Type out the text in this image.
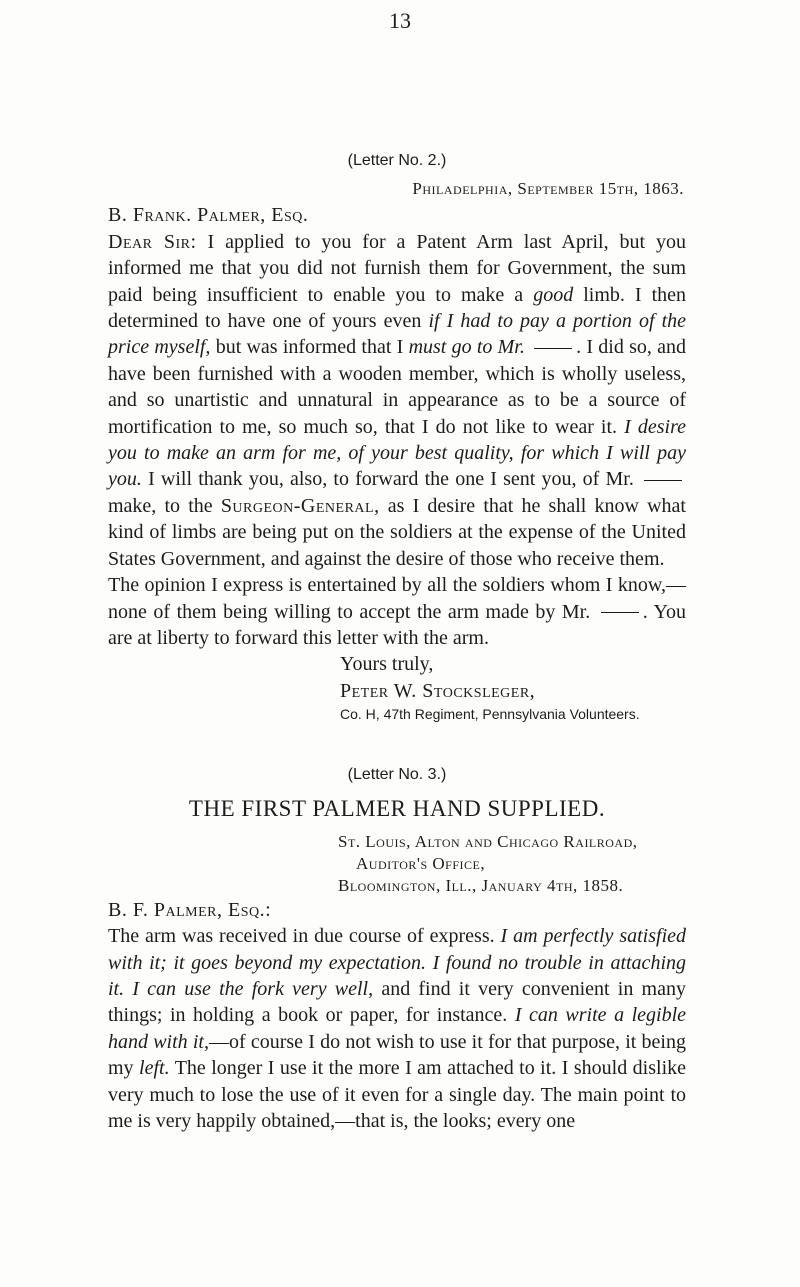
13
(Letter No. 2.)
Philadelphia, September 15th, 1863.
B. Frank. Palmer, Esq.

Dear Sir: I applied to you for a Patent Arm last April, but you informed me that you did not furnish them for Government, the sum paid being insufficient to enable you to make a good limb. I then determined to have one of yours even if I had to pay a portion of the price myself, but was informed that I must go to Mr.	. I did so, and have been furnished with a wooden member, which is wholly useless, and so unartistic and unnatural in appearance as to be a source of mortification to me, so much so, that I do not like to wear it. I desire you to make an arm for me, of your best quality, for which I will pay you. I will thank you, also, to forward the one I sent you, of Mr.  make, to the Surgeon-General, as I desire that he shall know what kind of limbs are being put on the soldiers at the expense of the United States Government, and against the desire of those who receive them.

The opinion I express is entertained by all the soldiers whom I know,—none of them being willing to accept the arm made by Mr.	. You are at liberty to forward this letter with the arm.

Yours truly,
Peter W. Stocksleger,
Co. H, 47th Regiment, Pennsylvania Volunteers.
(Letter No. 3.)
THE FIRST PALMER HAND SUPPLIED.
St. Louis, Alton and Chicago Railroad,
Auditor's Office,
Bloomington, Ill., January 4th, 1858.
B. F. Palmer, Esq.:

The arm was received in due course of express. I am perfectly satisfied with it; it goes beyond my expectation. I found no trouble in attaching it. I can use the fork very well, and find it very convenient in many things; in holding a book or paper, for instance. I can write a legible hand with it,—of course I do not wish to use it for that purpose, it being my left. The longer I use it the more I am attached to it. I should dislike very much to lose the use of it even for a single day. The main point to me is very happily obtained,—that is, the looks; every one
